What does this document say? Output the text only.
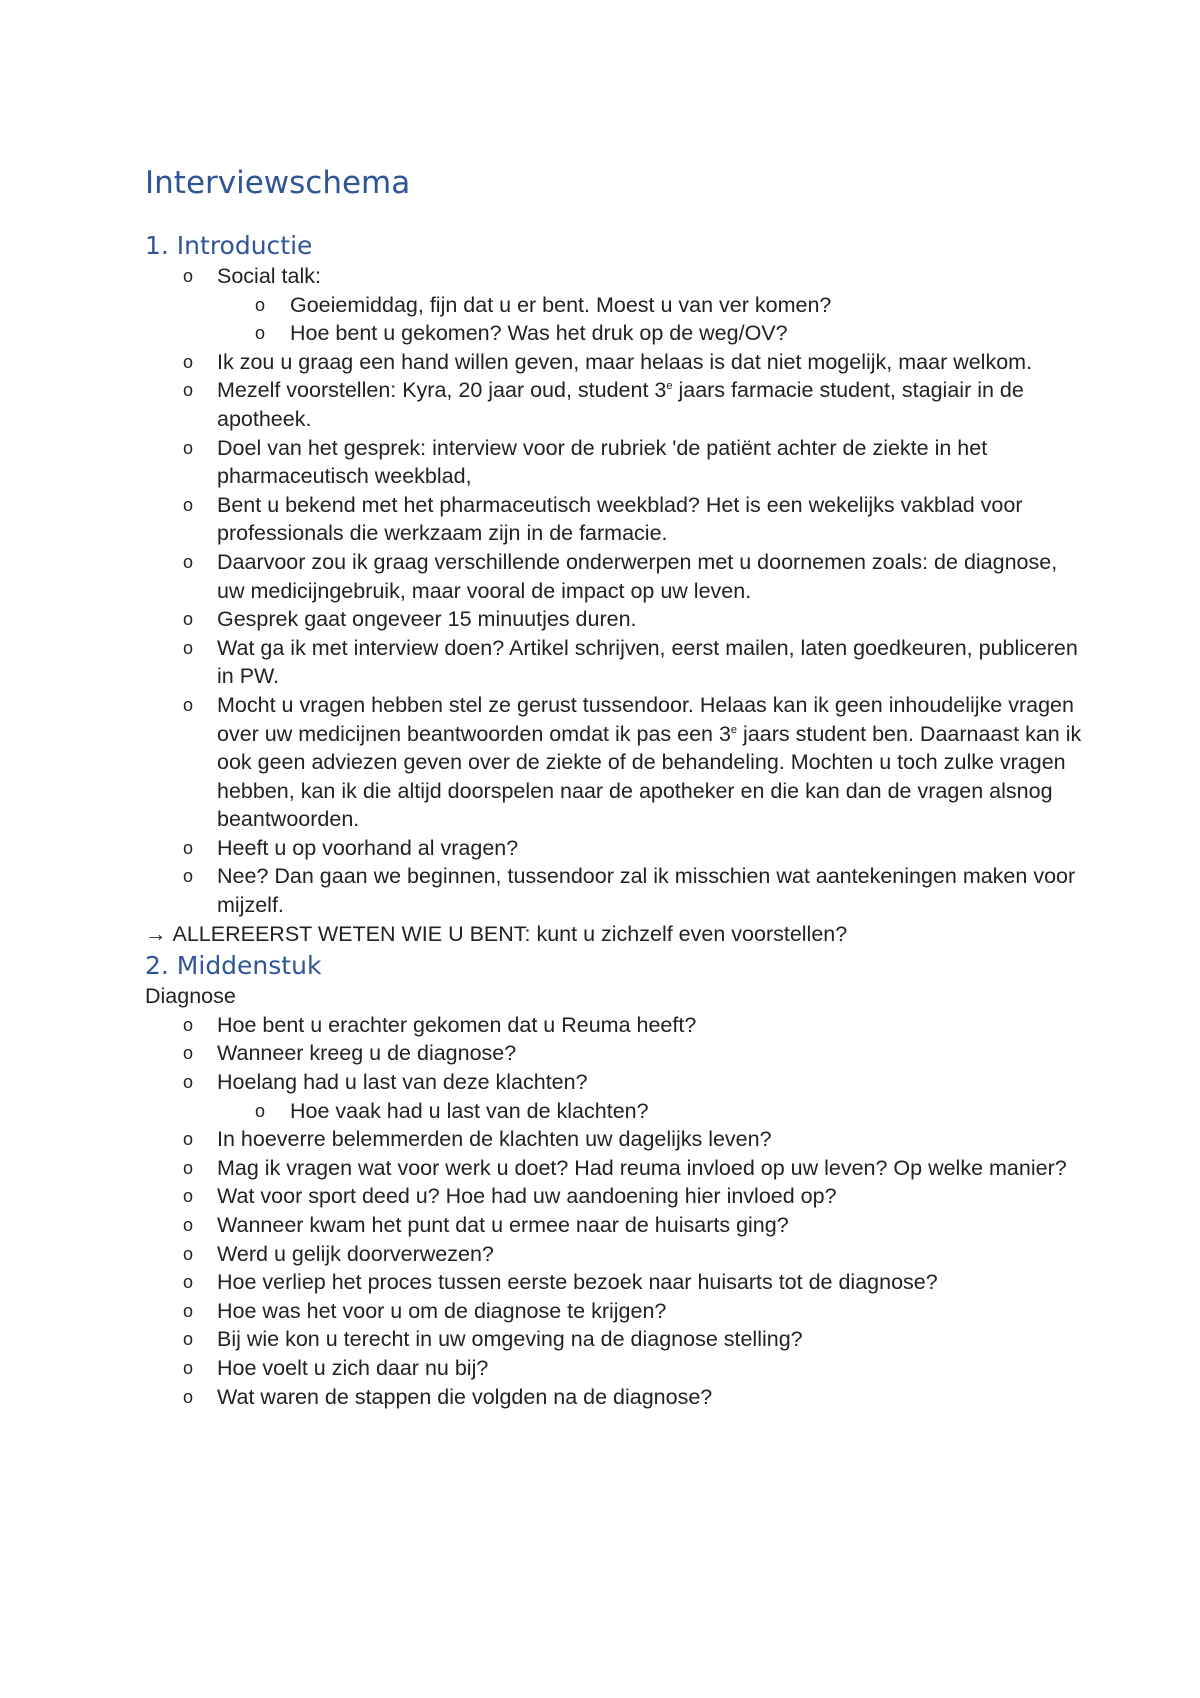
Interviewschema
1. Introductie
o Social talk:
o Goeiemiddag, fijn dat u er bent. Moest u van ver komen?
o Hoe bent u gekomen? Was het druk op de weg/OV?
o Ik zou u graag een hand willen geven, maar helaas is dat niet mogelijk, maar welkom.
o Mezelf voorstellen: Kyra, 20 jaar oud, student 3e jaars farmacie student, stagiair in de apotheek.
o Doel van het gesprek: interview voor de rubriek 'de patiënt achter de ziekte in het pharmaceutisch weekblad,
o Bent u bekend met het pharmaceutisch weekblad? Het is een wekelijks vakblad voor professionals die werkzaam zijn in de farmacie.
o Daarvoor zou ik graag verschillende onderwerpen met u doornemen zoals: de diagnose, uw medicijngebruik, maar vooral de impact op uw leven.
o Gesprek gaat ongeveer 15 minuutjes duren.
o Wat ga ik met interview doen? Artikel schrijven, eerst mailen, laten goedkeuren, publiceren in PW.
o Mocht u vragen hebben stel ze gerust tussendoor. Helaas kan ik geen inhoudelijke vragen over uw medicijnen beantwoorden omdat ik pas een 3e jaars student ben. Daarnaast kan ik ook geen adviezen geven over de ziekte of de behandeling. Mochten u toch zulke vragen hebben, kan ik die altijd doorspelen naar de apotheker en die kan dan de vragen alsnog beantwoorden.
o Heeft u op voorhand al vragen?
o Nee? Dan gaan we beginnen, tussendoor zal ik misschien wat aantekeningen maken voor mijzelf.
→ ALLEREERST WETEN WIE U BENT: kunt u zichzelf even voorstellen?
2. Middenstuk
Diagnose
o Hoe bent u erachter gekomen dat u Reuma heeft?
o Wanneer kreeg u de diagnose?
o Hoelang had u last van deze klachten?
o Hoe vaak had u last van de klachten?
o In hoeverre belemmerden de klachten uw dagelijks leven?
o Mag ik vragen wat voor werk u doet? Had reuma invloed op uw leven? Op welke manier?
o Wat voor sport deed u? Hoe had uw aandoening hier invloed op?
o Wanneer kwam het punt dat u ermee naar de huisarts ging?
o Werd u gelijk doorverwezen?
o Hoe verliep het proces tussen eerste bezoek naar huisarts tot de diagnose?
o Hoe was het voor u om de diagnose te krijgen?
o Bij wie kon u terecht in uw omgeving na de diagnose stelling?
o Hoe voelt u zich daar nu bij?
o Wat waren de stappen die volgden na de diagnose?
